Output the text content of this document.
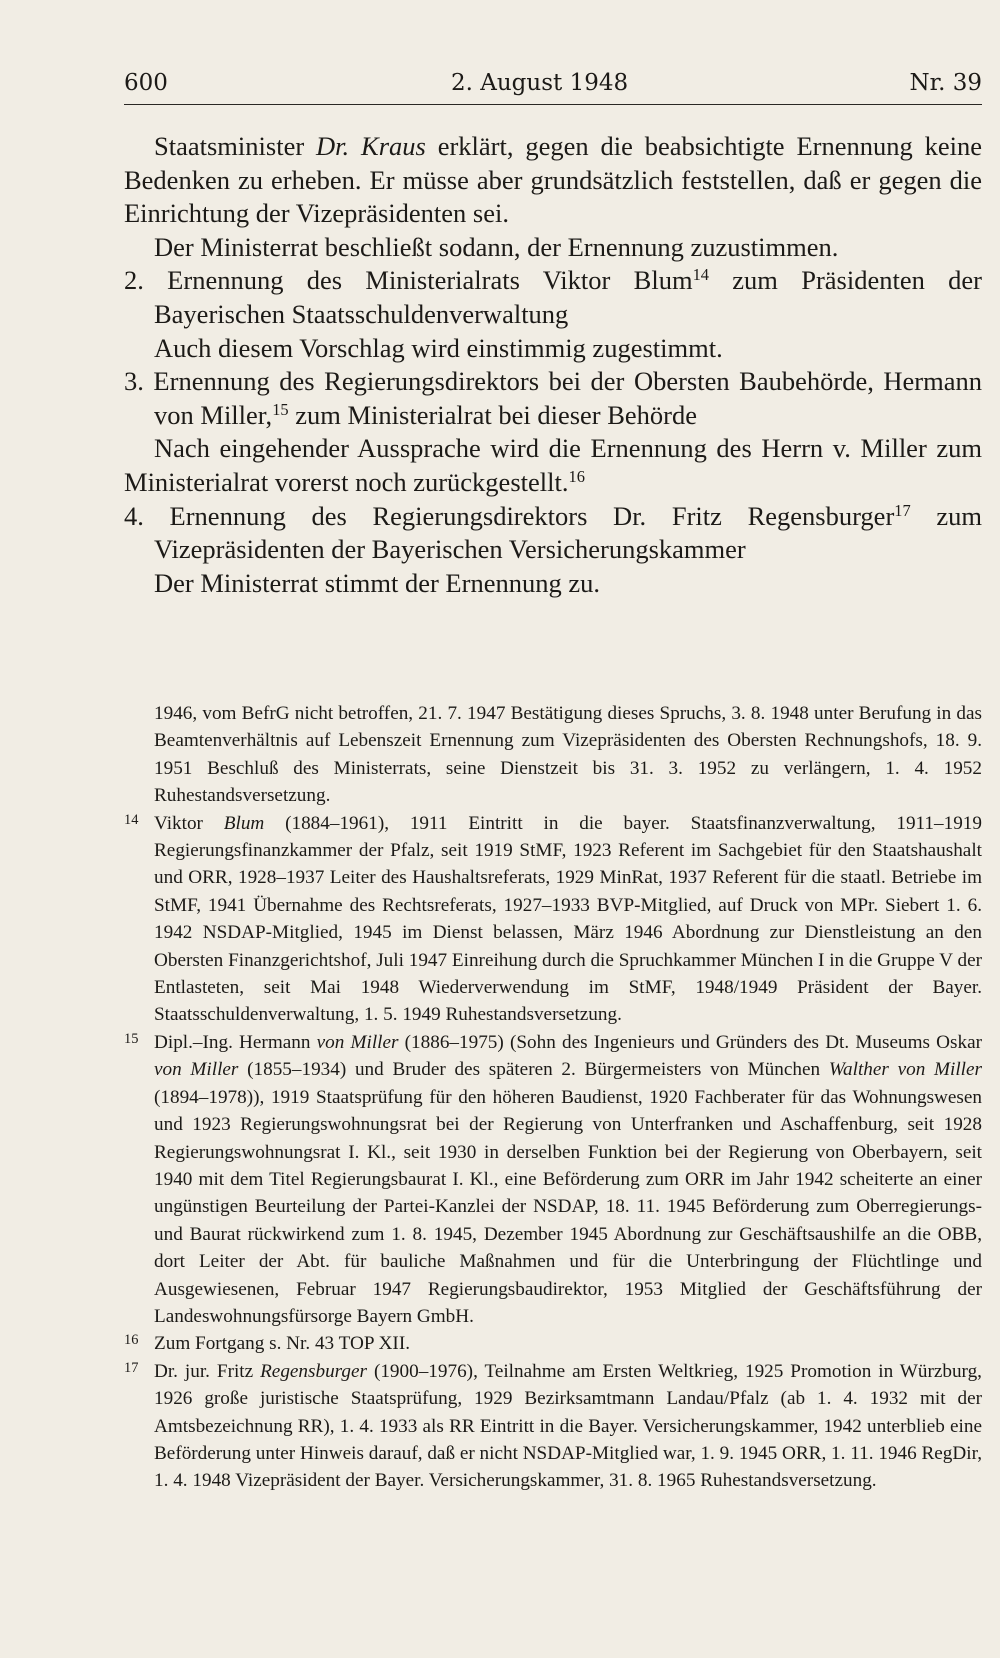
600	2. August 1948	Nr. 39

Staatsminister Dr. Kraus erklärt, gegen die beabsichtigte Ernennung keine Bedenken zu erheben. Er müsse aber grundsätzlich feststellen, daß er gegen die Einrichtung der Vizepräsidenten sei.

Der Ministerrat beschließt sodann, der Ernennung zuzustimmen.

2. Ernennung des Ministerialrats Viktor Blum$^{14}$ zum Präsidenten der Bayerischen Staatsschuldenverwaltung

Auch diesem Vorschlag wird einstimmig zugestimmt.

3. Ernennung des Regierungsdirektors bei der Obersten Baubehörde, Hermann von Miller,$^{15}$ zum Ministerialrat bei dieser Behörde

Nach eingehender Aussprache wird die Ernennung des Herrn v. Miller zum Ministerialrat vorerst noch zurückgestellt.$^{16}$

4. Ernennung des Regierungsdirektors Dr. Fritz Regensburger$^{17}$ zum Vizepräsidenten der Bayerischen Versicherungskammer

Der Ministerrat stimmt der Ernennung zu.

1946, vom BefrG nicht betroffen, 21. 7. 1947 Bestätigung dieses Spruchs, 3. 8. 1948 unter Berufung in das Beamtenverhältnis auf Lebenszeit Ernennung zum Vizepräsidenten des Obersten Rechnungshofs, 18. 9. 1951 Beschluß des Ministerrats, seine Dienstzeit bis 31. 3. 1952 zu verlängern, 1. 4. 1952 Ruhestandsversetzung.

14 Viktor Blum (1884–1961), 1911 Eintritt in die bayer. Staatsfinanzverwaltung, 1911–1919 Regierungsfinanzkammer der Pfalz, seit 1919 StMF, 1923 Referent im Sachgebiet für den Staatshaushalt und ORR, 1928–1937 Leiter des Haushaltsreferats, 1929 MinRat, 1937 Referent für die staatl. Betriebe im StMF, 1941 Übernahme des Rechtsreferats, 1927–1933 BVP-Mitglied, auf Druck von MPr. Siebert 1. 6. 1942 NSDAP-Mitglied, 1945 im Dienst belassen, März 1946 Abordnung zur Dienstleistung an den Obersten Finanzgerichtshof, Juli 1947 Einreihung durch die Spruchkammer München I in die Gruppe V der Entlasteten, seit Mai 1948 Wiederverwendung im StMF, 1948/1949 Präsident der Bayer. Staatsschuldenverwaltung, 1. 5. 1949 Ruhestandsversetzung.

15 Dipl.–Ing. Hermann von Miller (1886–1975) (Sohn des Ingenieurs und Gründers des Dt. Museums Oskar von Miller (1855–1934) und Bruder des späteren 2. Bürgermeisters von München Walther von Miller (1894–1978)), 1919 Staatsprüfung für den höheren Baudienst, 1920 Fachberater für das Wohnungswesen und 1923 Regierungswohnungsrat bei der Regierung von Unterfranken und Aschaffenburg, seit 1928 Regierungswohnungsrat I. Kl., seit 1930 in derselben Funktion bei der Regierung von Oberbayern, seit 1940 mit dem Titel Regierungsbaurat I. Kl., eine Beförderung zum ORR im Jahr 1942 scheiterte an einer ungünstigen Beurteilung der Partei-Kanzlei der NSDAP, 18. 11. 1945 Beförderung zum Oberregierungs- und Baurat rückwirkend zum 1. 8. 1945, Dezember 1945 Abordnung zur Geschäftsaushilfe an die OBB, dort Leiter der Abt. für bauliche Maßnahmen und für die Unterbringung der Flüchtlinge und Ausgewiesenen, Februar 1947 Regierungsbaudirektor, 1953 Mitglied der Geschäftsführung der Landeswohnungsfürsorge Bayern GmbH.

16 Zum Fortgang s. Nr. 43 TOP XII.

17 Dr. jur. Fritz Regensburger (1900–1976), Teilnahme am Ersten Weltkrieg, 1925 Promotion in Würzburg, 1926 große juristische Staatsprüfung, 1929 Bezirksamtmann Landau/Pfalz (ab 1. 4. 1932 mit der Amtsbezeichnung RR), 1. 4. 1933 als RR Eintritt in die Bayer. Versicherungskammer, 1942 unterblieb eine Beförderung unter Hinweis darauf, daß er nicht NSDAP-Mitglied war, 1. 9. 1945 ORR, 1. 11. 1946 RegDir, 1. 4. 1948 Vizepräsident der Bayer. Versicherungskammer, 31. 8. 1965 Ruhestandsversetzung.
